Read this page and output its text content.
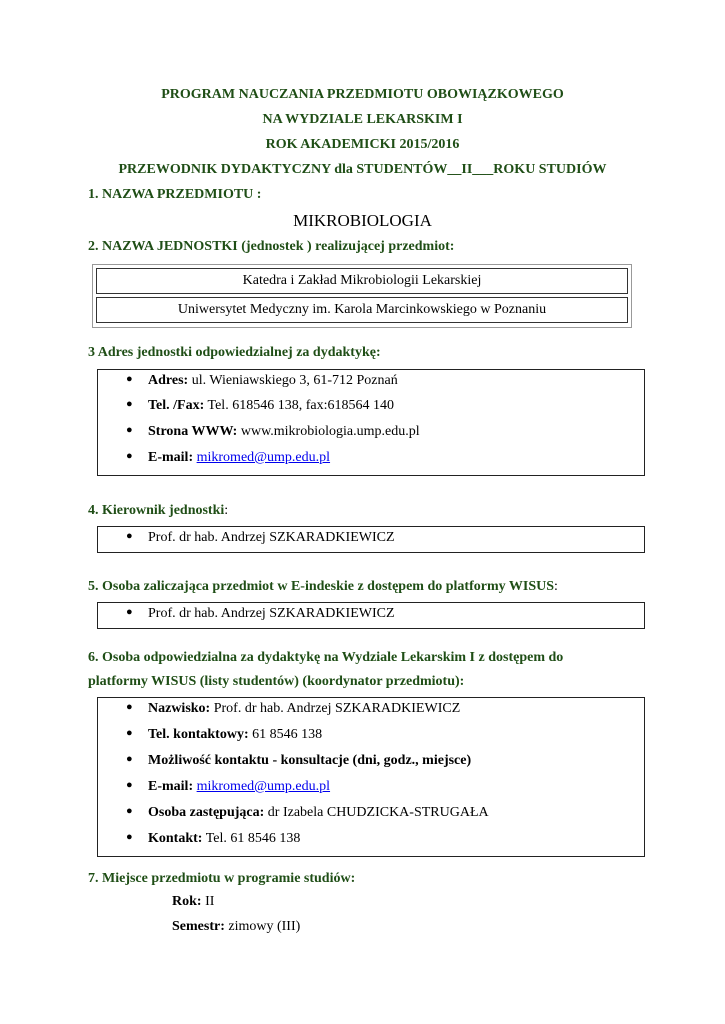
PROGRAM NAUCZANIA PRZEDMIOTU OBOWIĄZKOWEGO
NA WYDZIALE LEKARSKIM I
ROK AKADEMICKI 2015/2016
PRZEWODNIK DYDAKTYCZNY dla STUDENTÓW__II___ROKU STUDIÓW
1. NAZWA PRZEDMIOTU :
MIKROBIOLOGIA
2. NAZWA JEDNOSTKI (jednostek ) realizującej przedmiot:
Katedra i Zakład Mikrobiologii Lekarskiej
Uniwersytet Medyczny im. Karola Marcinkowskiego w Poznaniu
3 Adres jednostki odpowiedzialnej za dydaktykę:
● Adres: ul. Wieniawskiego 3, 61-712 Poznań
● Tel. /Fax: Tel. 618546 138, fax:618564 140
● Strona WWW: www.mikrobiologia.ump.edu.pl
● E-mail: mikromed@ump.edu.pl
4. Kierownik jednostki:
● Prof. dr hab. Andrzej SZKARADKIEWICZ
5. Osoba zaliczająca przedmiot w E-indeskie z dostępem do platformy WISUS:
● Prof. dr hab. Andrzej SZKARADKIEWICZ
6. Osoba odpowiedzialna za dydaktykę na Wydziale Lekarskim I z dostępem do
platformy WISUS (listy studentów) (koordynator przedmiotu):
● Nazwisko: Prof. dr hab. Andrzej SZKARADKIEWICZ
● Tel. kontaktowy: 61 8546 138
● Możliwość kontaktu - konsultacje (dni, godz., miejsce)
● E-mail: mikromed@ump.edu.pl
● Osoba zastępująca: dr Izabela CHUDZICKA-STRUGAŁA
● Kontakt: Tel. 61 8546 138
7. Miejsce przedmiotu w programie studiów:
Rok: II
Semestr: zimowy (III)
